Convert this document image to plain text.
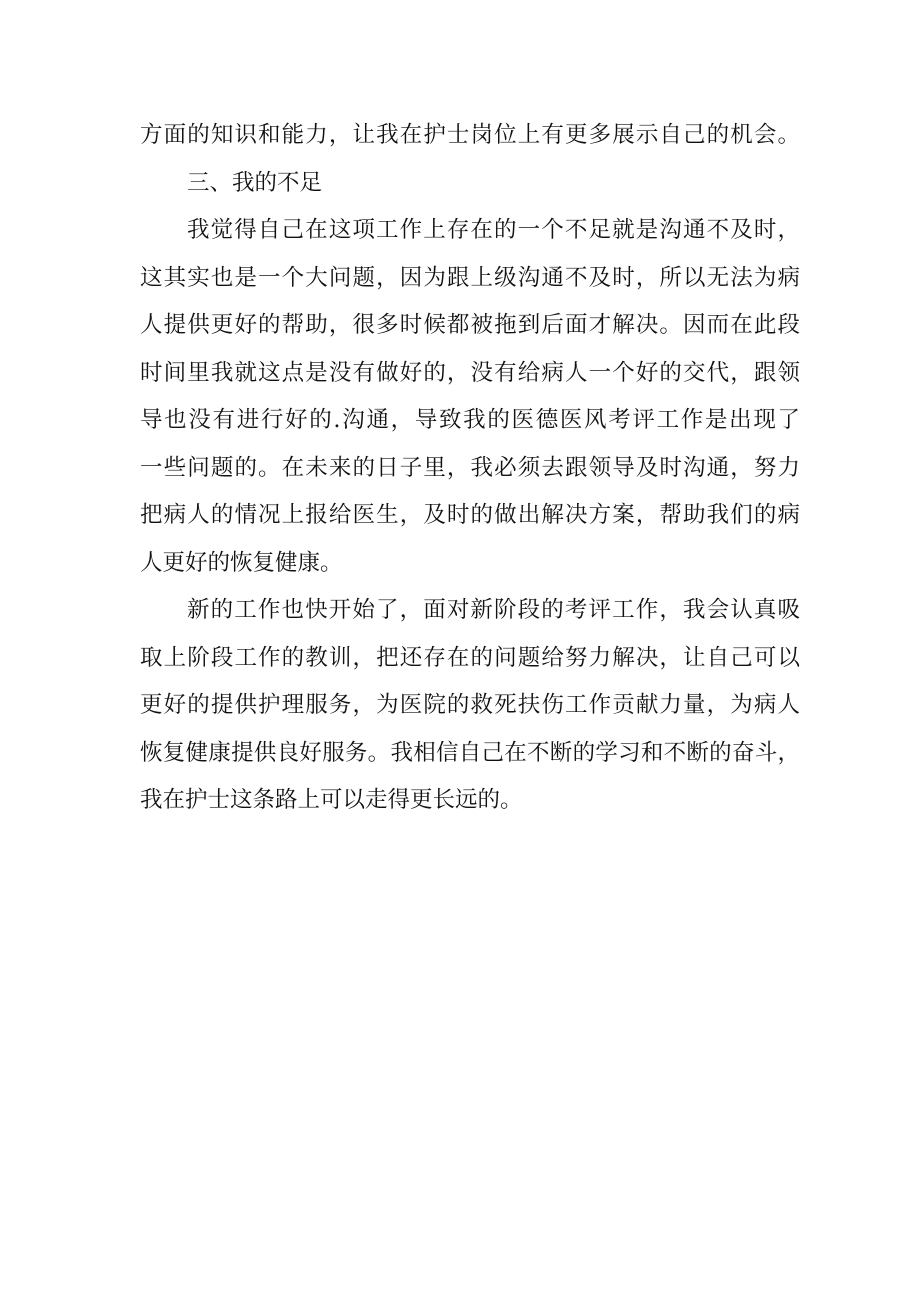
方面的知识和能力，让我在护士岗位上有更多展示自己的机会。
三、我的不足
我觉得自己在这项工作上存在的一个不足就是沟通不及时，
这其实也是一个大问题，因为跟上级沟通不及时，所以无法为病
人提供更好的帮助，很多时候都被拖到后面才解决。因而在此段
时间里我就这点是没有做好的，没有给病人一个好的交代，跟领
导也没有进行好的.沟通，导致我的医德医风考评工作是出现了
一些问题的。在未来的日子里，我必须去跟领导及时沟通，努力
把病人的情况上报给医生，及时的做出解决方案，帮助我们的病
人更好的恢复健康。
新的工作也快开始了，面对新阶段的考评工作，我会认真吸
取上阶段工作的教训，把还存在的问题给努力解决，让自己可以
更好的提供护理服务，为医院的救死扶伤工作贡献力量，为病人
恢复健康提供良好服务。我相信自己在不断的学习和不断的奋斗，
我在护士这条路上可以走得更长远的。
